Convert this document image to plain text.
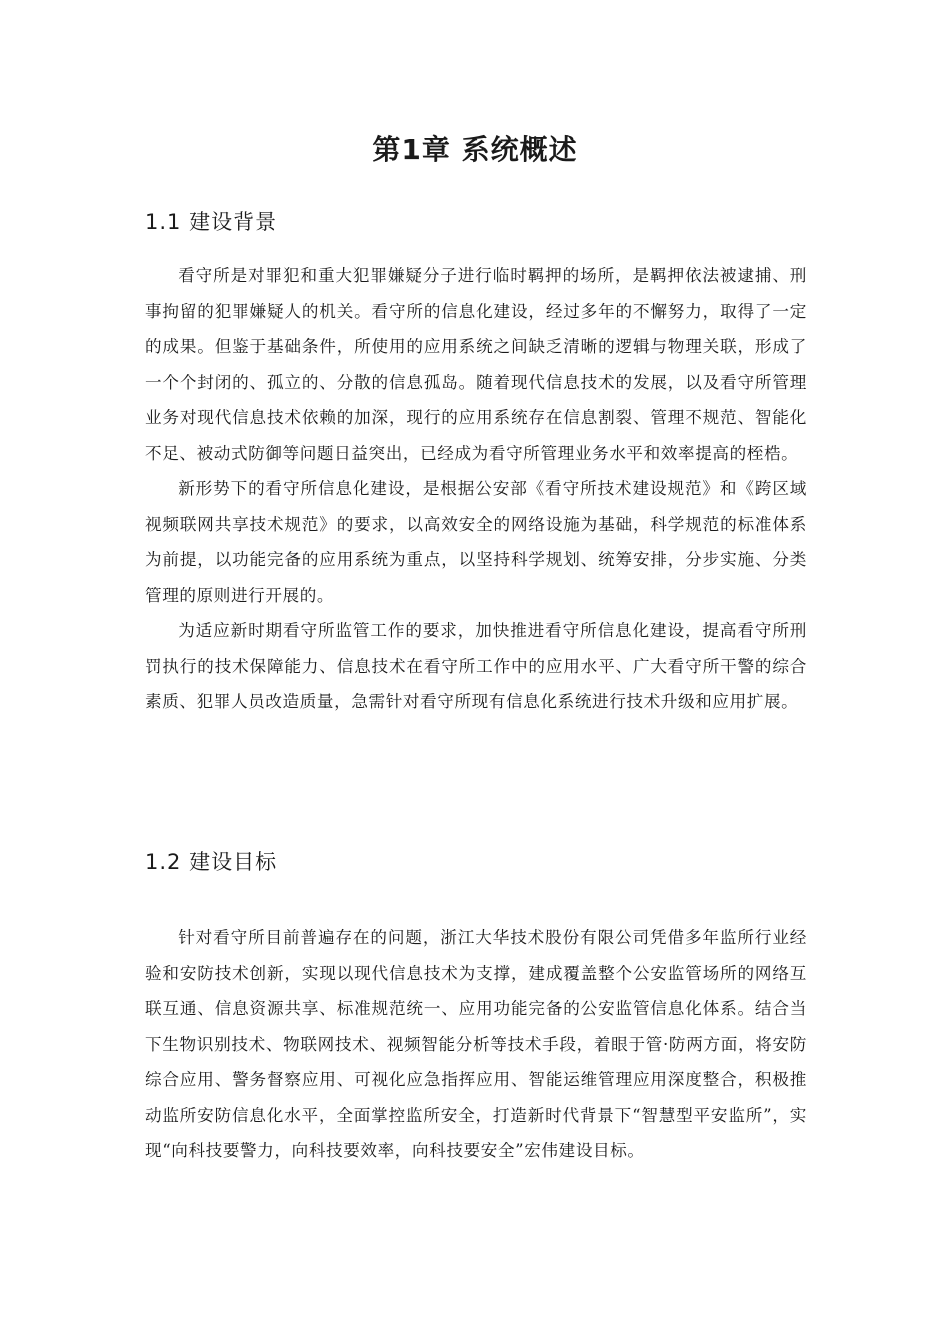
第1章 系统概述
1.1 建设背景

看守所是对罪犯和重大犯罪嫌疑分子进行临时羁押的场所，是羁押依法被逮捕、刑事拘留的犯罪嫌疑人的机关。看守所的信息化建设，经过多年的不懈努力，取得了一定的成果。但鉴于基础条件，所使用的应用系统之间缺乏清晰的逻辑与物理关联，形成了一个个封闭的、孤立的、分散的信息孤岛。随着现代信息技术的发展，以及看守所管理业务对现代信息技术依赖的加深，现行的应用系统存在信息割裂、管理不规范、智能化不足、被动式防御等问题日益突出，已经成为看守所管理业务水平和效率提高的桎梏。

新形势下的看守所信息化建设，是根据公安部《看守所技术建设规范》和《跨区域视频联网共享技术规范》的要求，以高效安全的网络设施为基础，科学规范的标准体系为前提，以功能完备的应用系统为重点，以坚持科学规划、统筹安排，分步实施、分类管理的原则进行开展的。

为适应新时期看守所监管工作的要求，加快推进看守所信息化建设，提高看守所刑罚执行的技术保障能力、信息技术在看守所工作中的应用水平、广大看守所干警的综合素质、犯罪人员改造质量，急需针对看守所现有信息化系统进行技术升级和应用扩展。

1.2 建设目标

针对看守所目前普遍存在的问题，浙江大华技术股份有限公司凭借多年监所行业经验和安防技术创新，实现以现代信息技术为支撑，建成覆盖整个公安监管场所的网络互联互通、信息资源共享、标准规范统一、应用功能完备的公安监管信息化体系。结合当下生物识别技术、物联网技术、视频智能分析等技术手段，着眼于管·防两方面，将安防综合应用、警务督察应用、可视化应急指挥应用、智能运维管理应用深度整合，积极推动监所安防信息化水平，全面掌控监所安全，打造新时代背景下“智慧型平安监所”，实现“向科技要警力，向科技要效率，向科技要安全”宏伟建设目标。
